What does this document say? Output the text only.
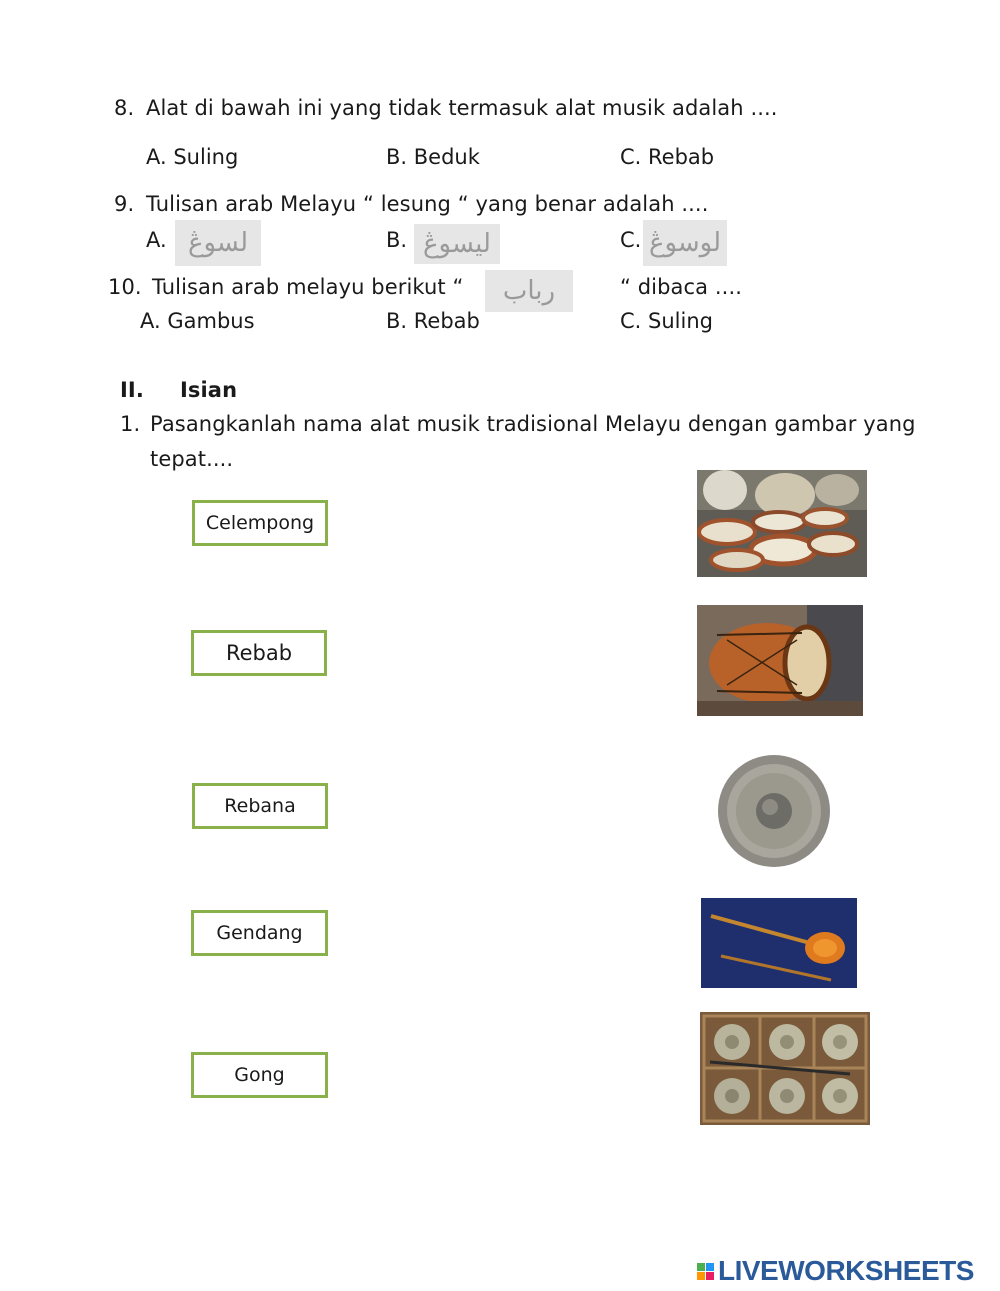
8. Alat di bawah ini yang tidak termasuk alat musik adalah ....
A. Suling	B. Beduk	C. Rebab
9. Tulisan arab Melayu “ lesung “ yang benar adalah ....
A. لسوڠ	B. ليسوڠ	C. لوسوڠ
10. Tulisan arab melayu berikut “	رباب	“ dibaca ....
A. Gambus	B. Rebab	C. Suling
II. Isian
1. Pasangkanlah nama alat musik tradisional Melayu dengan gambar yang
tepat....
Celempong
Rebab
Rebana
Gendang
Gong
LIVEWORKSHEETS
